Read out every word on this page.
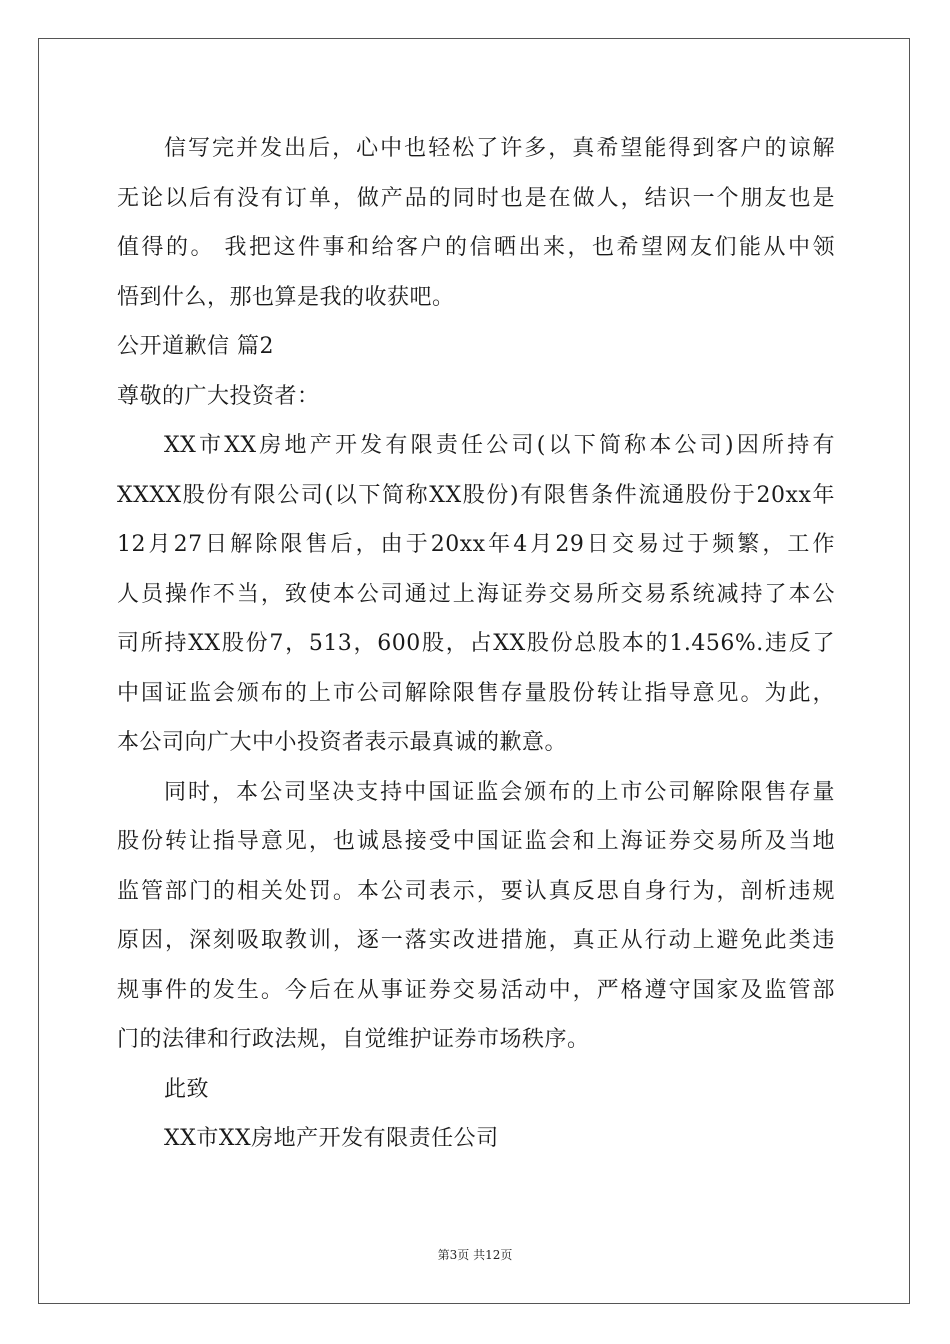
信写完并发出后，心中也轻松了许多，真希望能得到客户的谅解
无论以后有没有订单，做产品的同时也是在做人，结识一个朋友也是
值得的。 我把这件事和给客户的信晒出来，也希望网友们能从中领
悟到什么，那也算是我的收获吧。
公开道歉信 篇2
尊敬的广大投资者：
XX市XX房地产开发有限责任公司(以下简称本公司)因所持有
XXXX股份有限公司(以下简称XX股份)有限售条件流通股份于20xx年
12月27日解除限售后，由于20xx年4月29日交易过于频繁，工作
人员操作不当，致使本公司通过上海证券交易所交易系统减持了本公
司所持XX股份7，513，600股，占XX股份总股本的1.456%.违反了
中国证监会颁布的上市公司解除限售存量股份转让指导意见。为此，
本公司向广大中小投资者表示最真诚的歉意。
同时，本公司坚决支持中国证监会颁布的上市公司解除限售存量
股份转让指导意见，也诚恳接受中国证监会和上海证券交易所及当地
监管部门的相关处罚。本公司表示，要认真反思自身行为，剖析违规
原因，深刻吸取教训，逐一落实改进措施，真正从行动上避免此类违
规事件的发生。今后在从事证券交易活动中，严格遵守国家及监管部
门的法律和行政法规，自觉维护证券市场秩序。
此致
XX市XX房地产开发有限责任公司
第3页 共12页
